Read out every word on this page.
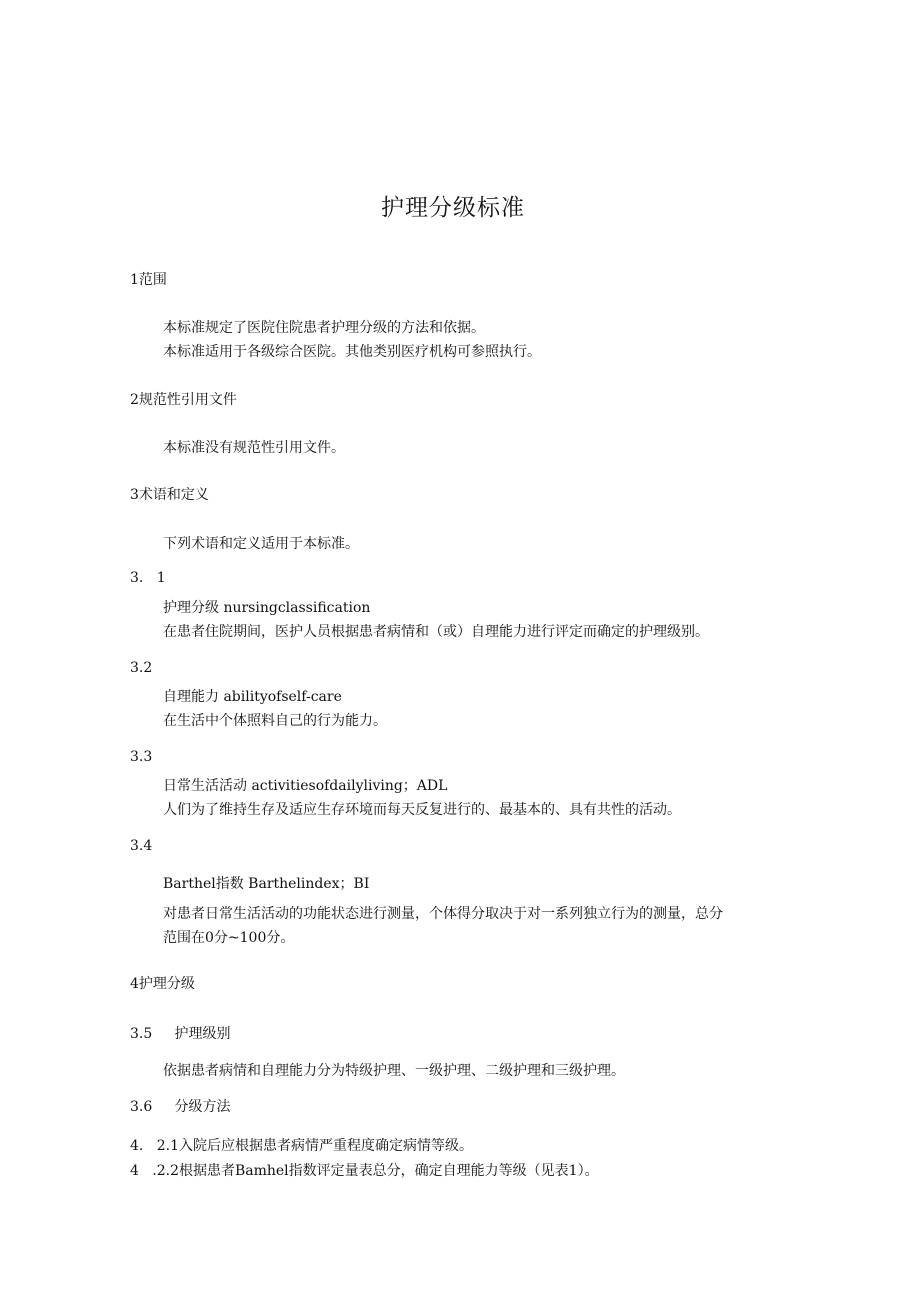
护理分级标准

1范围

本标准规定了医院住院患者护理分级的方法和依据。

本标准适用于各级综合医院。其他类别医疗机构可参照执行。

2规范性引用文件

本标准没有规范性引用文件。

3术语和定义

下列术语和定义适用于本标准。

3.   1

护理分级 nursingclassification

在患者住院期间，医护人员根据患者病情和（或）自理能力进行评定而确定的护理级别。

3.2

自理能力 abilityofself-care

在生活中个体照料自己的行为能力。

3.3

日常生活活动 activitiesofdailyliving；ADL

人们为了维持生存及适应生存环境而每天反复进行的、最基本的、具有共性的活动。

3.4

Barthel指数 Barthelindex；BI

对患者日常生活活动的功能状态进行测量，个体得分取决于对一系列独立行为的测量，总分

范围在0分~100分。

4护理分级

3.5     护理级别

依据患者病情和自理能力分为特级护理、一级护理、二级护理和三级护理。

3.6     分级方法

4.   2.1入院后应根据患者病情严重程度确定病情等级。

4   .2.2根据患者Bamhel指数评定量表总分，确定自理能力等级（见表1）。
